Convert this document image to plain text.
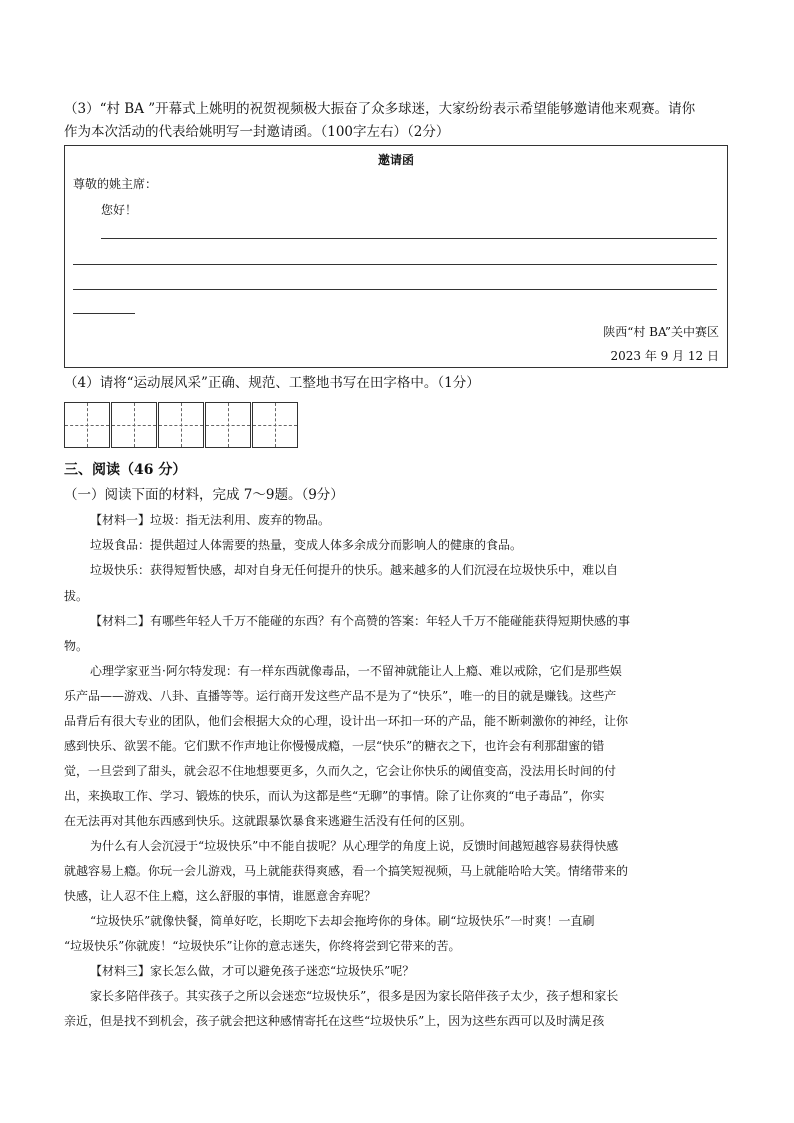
（3）“村 BA ”开幕式上姚明的祝贺视频极大振奋了众多球迷，大家纷纷表示希望能够邀请他来观赛。请你
作为本次活动的代表给姚明写一封邀请函。（100字左右）（2分）
邀请函
尊敬的姚主席：
您好！
陕西“村 BA”关中赛区
2023 年 9 月 12 日
（4）请将“运动展风采”正确、规范、工整地书写在田字格中。（1分）
三、阅读（46 分）
（一）阅读下面的材料，完成 7～9题。（9分）
【材料一】垃圾：指无法利用、废弃的物品。
垃圾食品：提供超过人体需要的热量，变成人体多余成分而影响人的健康的食品。
垃圾快乐：获得短暂快感，却对自身无任何提升的快乐。越来越多的人们沉浸在垃圾快乐中，难以自
拔。
【材料二】有哪些年轻人千万不能碰的东西？有个高赞的答案：年轻人千万不能碰能获得短期快感的事
物。
心理学家亚当·阿尔特发现：有一样东西就像毒品，一不留神就能让人上瘾、难以戒除，它们是那些娱
乐产品——游戏、八卦、直播等等。运行商开发这些产品不是为了“快乐”，唯一的目的就是赚钱。这些产
品背后有很大专业的团队，他们会根据大众的心理，设计出一环扣一环的产品，能不断刺激你的神经，让你
感到快乐、欲罢不能。它们默不作声地让你慢慢成瘾，一层“快乐”的糖衣之下，也许会有利那甜蜜的错
觉，一旦尝到了甜头，就会忍不住地想要更多，久而久之，它会让你快乐的阈值变高，没法用长时间的付
出，来换取工作、学习、锻炼的快乐，而认为这都是些“无聊”的事情。除了让你爽的“电子毒品”，你实
在无法再对其他东西感到快乐。这就跟暴饮暴食来逃避生活没有任何的区别。
为什么有人会沉浸于“垃圾快乐”中不能自拔呢？从心理学的角度上说，反馈时间越短越容易获得快感
就越容易上瘾。你玩一会儿游戏，马上就能获得爽感，看一个搞笑短视频，马上就能哈哈大笑。情绪带来的
快感，让人忍不住上瘾，这么舒服的事情，谁愿意舍弃呢？
“垃圾快乐”就像快餐，简单好吃，长期吃下去却会拖垮你的身体。刷“垃圾快乐”一时爽！一直刷
“垃圾快乐”你就废！“垃圾快乐”让你的意志迷失，你终将尝到它带来的苦。
【材料三】家长怎么做，才可以避免孩子迷恋“垃圾快乐”呢？
家长多陪伴孩子。其实孩子之所以会迷恋“垃圾快乐”，很多是因为家长陪伴孩子太少，孩子想和家长
亲近，但是找不到机会，孩子就会把这种感情寄托在这些“垃圾快乐”上，因为这些东西可以及时满足孩
